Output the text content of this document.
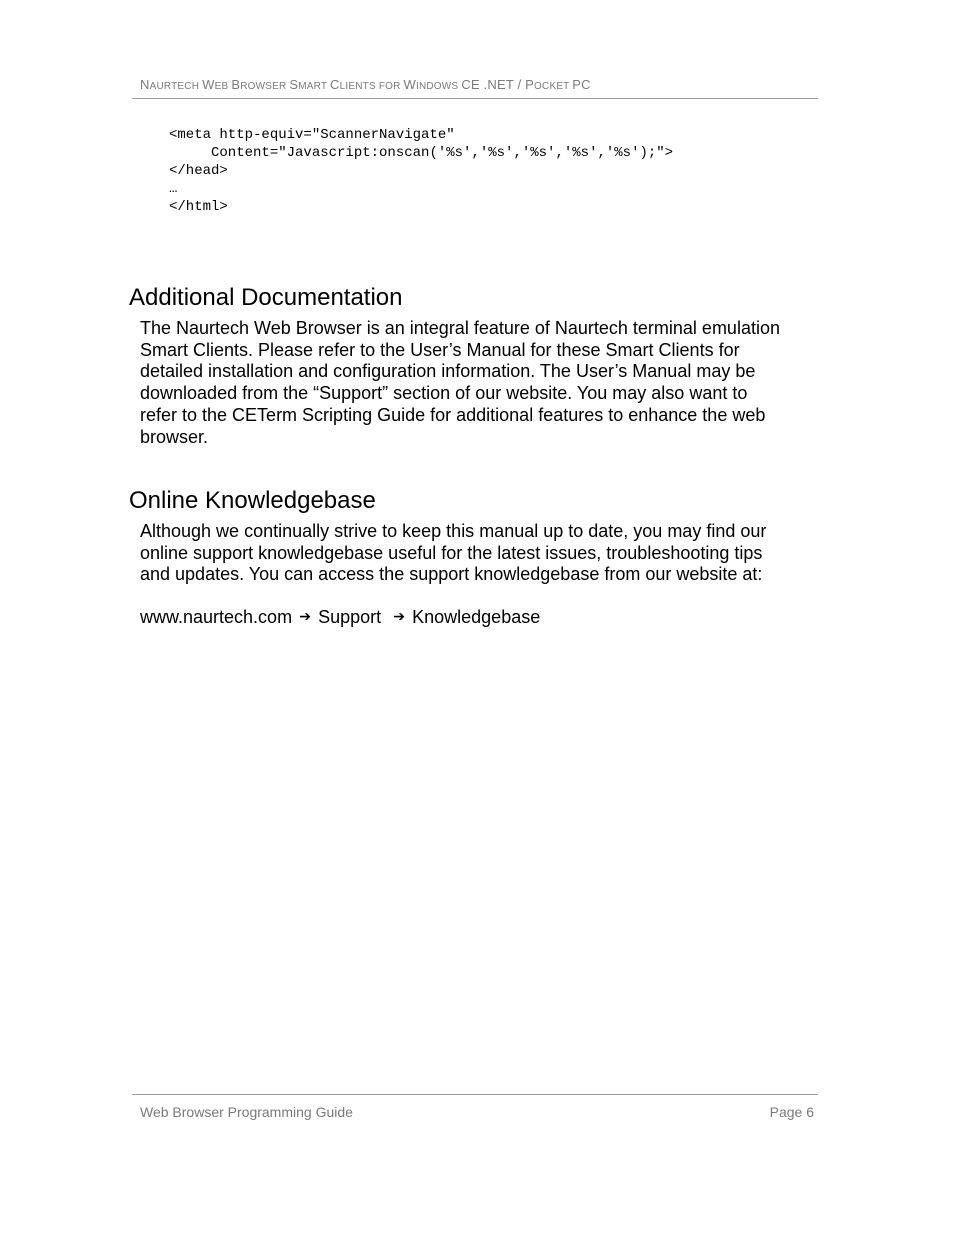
NAURTECH WEB BROWSER SMART CLIENTS FOR WINDOWS CE .NET / POCKET PC
<meta http-equiv="ScannerNavigate"
Content="Javascript:onscan('%s','%s','%s','%s','%s');">
</head>
…
</html>
Additional Documentation
The Naurtech Web Browser is an integral feature of Naurtech terminal emulation
Smart Clients. Please refer to the User’s Manual for these Smart Clients for
detailed installation and configuration information. The User’s Manual may be
downloaded from the “Support” section of our website. You may also want to
refer to the CETerm Scripting Guide for additional features to enhance the web
browser.
Online Knowledgebase
Although we continually strive to keep this manual up to date, you may find our
online support knowledgebase useful for the latest issues, troubleshooting tips
and updates. You can access the support knowledgebase from our website at:
www.naurtech.com ➔ Support ➔ Knowledgebase
Web Browser Programming Guide	Page 6
